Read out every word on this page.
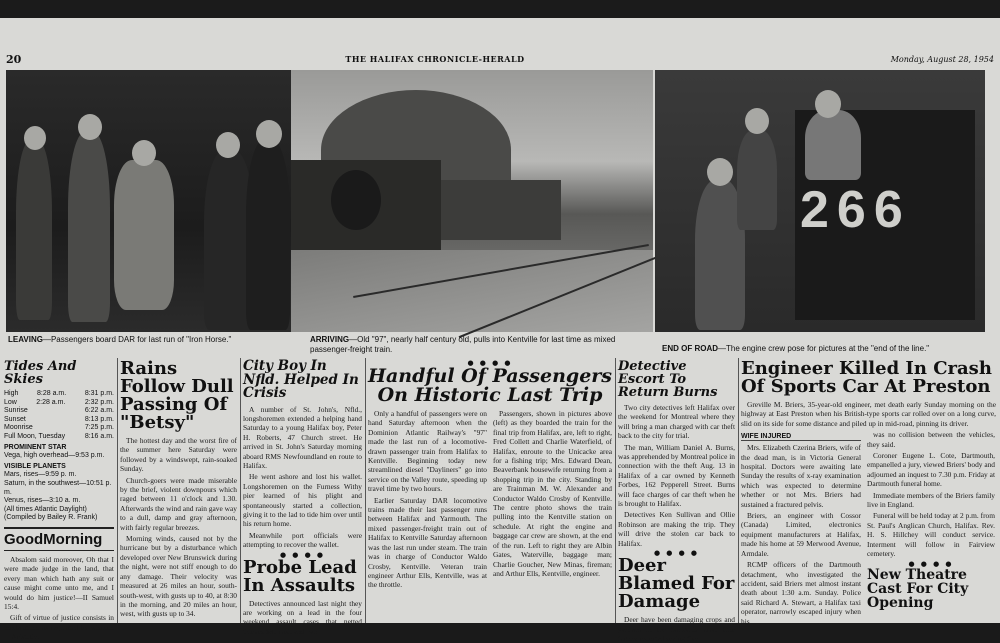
20	THE HALIFAX CHRONICLE-HERALD	Monday, August 28, 1954
266
LEAVING—Passengers board DAR for last run of "Iron Horse."	ARRIVING—Old "97", nearly half century old, pulls into Kentville for last time as mixed passenger-freight train.	END OF ROAD—The engine crew pose for pictures at the "end of the line."
Tides And Skies
High	8:28 a.m.	8:31 p.m.
Low	2:28 a.m.	2:32 p.m.
Sunrise	6:22 a.m.
Sunset	8:13 p.m.
Moonrise	7:25 p.m.
Full Moon, Tuesday	8:16 a.m.
PROMINENT STAR
Vega, high overhead—9:53 p.m.
VISIBLE PLANETS
Mars, rises—9:59 p. m.
Saturn, in the southwest—10:51 p. m.
Venus, rises—3:10 a. m.
(All times Atlantic Daylight)
(Compiled by Bailey R. Frank)
GoodMorning

Absalom said moreover, Oh that I were made judge in the land, that every man which hath any suit or cause might come unto me, and I would do him justice!—II Samuel 15:4.

Gift of virtue of justice consists in moderation, as regulated by wisdom—Aristotle.

Rains Follow Dull Passing Of "Betsy"

The hottest day and the worst fire of the summer here Saturday were followed by a windswept, rain-soaked Sunday.

Church-goers were made miserable by the brief, violent downpours which raged between 11 o'clock and 1.30. Afterwards the wind and rain gave way to a dull, damp and gray afternoon, with fairly regular breezes.

Morning winds, caused not by the hurricane but by a disturbance which developed over New Brunswick during the night, were not stiff enough to do any damage. Their velocity was measured at 26 miles an hour, south-south-west, with gusts up to 40, at 8:30 in the morning, and 20 miles an hour, west, with gusts up to 34.

City Boy In Nfld. Helped In Crisis

A number of St. John's, Nfld., longshoremen extended a helping hand Saturday to a young Halifax boy, Peter H. Roberts, 47 Church street. He arrived in St. John's Saturday morning aboard RMS Newfoundland en route to Halifax.

He went ashore and lost his wallet. Longshoremen on the Furness Withy pier learned of his plight and spontaneously started a collection, giving it to the lad to tide him over until his return home.

Meanwhile port officials were attempting to recover the wallet.

● ● ● ●
Probe Lead In Assaults

Detectives announced last night they are working on a lead in the four weekend assault cases that netted thieves $80 cash and two

● ● ● ●
Handful Of Passengers On Historic Last Trip

Only a handful of passengers were on hand Saturday afternoon when the Dominion Atlantic Railway's "97" made the last run of a locomotive-drawn passenger train from Halifax to Kentville. Beginning today new streamlined diesel "Dayliners" go into service on the Valley route, speeding up travel time by two hours.

Earlier Saturday DAR locomotive trains made their last passenger runs between Halifax and Yarmouth. The mixed passenger-freight train out of Halifax to Kentville Saturday afternoon was the last run under steam. The train was in charge of Conductor Waldo Crosby, Kentville. Veteran train engineer Arthur Ells, Kentville, was at the throttle.

Passengers, shown in pictures above (left) as they boarded the train for the final trip from Halifax, are, left to right, Fred Collett and Charlie Waterfield, of Halifax, enroute to the Unicacke area for a fishing trip; Mrs. Edward Dean, Beaverbank housewife returning from a shopping trip in the city. Standing by are Trainman M. W. Alexander and Conductor Waldo Crosby of Kentville. The centre photo shows the train pulling into the Kentville station on schedule. At right the engine and baggage car crew are shown, at the end of the run. Left to right they are Albin Gates, Waterville, baggage man; Charlie Goucher, New Minas, fireman; and Arthur Ells, Kentville, engineer.

Detective Escort To Return Burns

Two city detectives left Halifax over the weekend for Montreal where they will bring a man charged with car theft back to the city for trial.

The man, William Daniel A. Burns, was apprehended by Montreal police in connection with the theft Aug. 13 in Halifax of a car owned by Kenneth Forbes, 162 Pepperell Street. Burns will face charges of car theft when he is brought to Halifax.

Detectives Ken Sullivan and Ollie Robinson are making the trip. They will drive the stolen car back to Halifax.

● ● ● ●
Deer Blamed For Damage

Deer have been damaging crops and gardens in the Sackville area. One farmer reported seeing five

Engineer Killed In Crash Of Sports Car At Preston

Greville M. Briers, 35-year-old engineer, met death early Sunday morning on the highway at East Preston when his British-type sports car rolled over on a long curve, slid on its side for some distance and piled up in mid-road, pinning its driver.

WIFE INJURED

Mrs. Elizabeth Czerina Briers, wife of the dead man, is in Victoria General hospital. Doctors were awaiting late Sunday the results of x-ray examination which was expected to determine whether or not Mrs. Briers had sustained a fractured pelvis.

Briers, an engineer with Cossor (Canada) Limited, electronics equipment manufacturers at Halifax, made his home at 59 Merwood Avenue, Armdale.

RCMP officers of the Dartmouth detachment, who investigated the accident, said Briers met almost instant death about 1:30 a.m. Sunday. Police said Richard A. Stewart, a Halifax taxi operator, narrowly escaped injury when his

was no collision between the vehicles, they said.

Coroner Eugene L. Cote, Dartmouth, empanelled a jury, viewed Briers' body and adjourned an inquest to 7.30 p.m. Friday at Dartmouth funeral home.

Immediate members of the Briers family live in England.

Funeral will be held today at 2 p.m. from St. Paul's Anglican Church, Halifax. Rev. H. S. Hillchey will conduct service. Interment will follow in Fairview cemetery.

● ● ● ●
New Theatre Cast For City Opening
